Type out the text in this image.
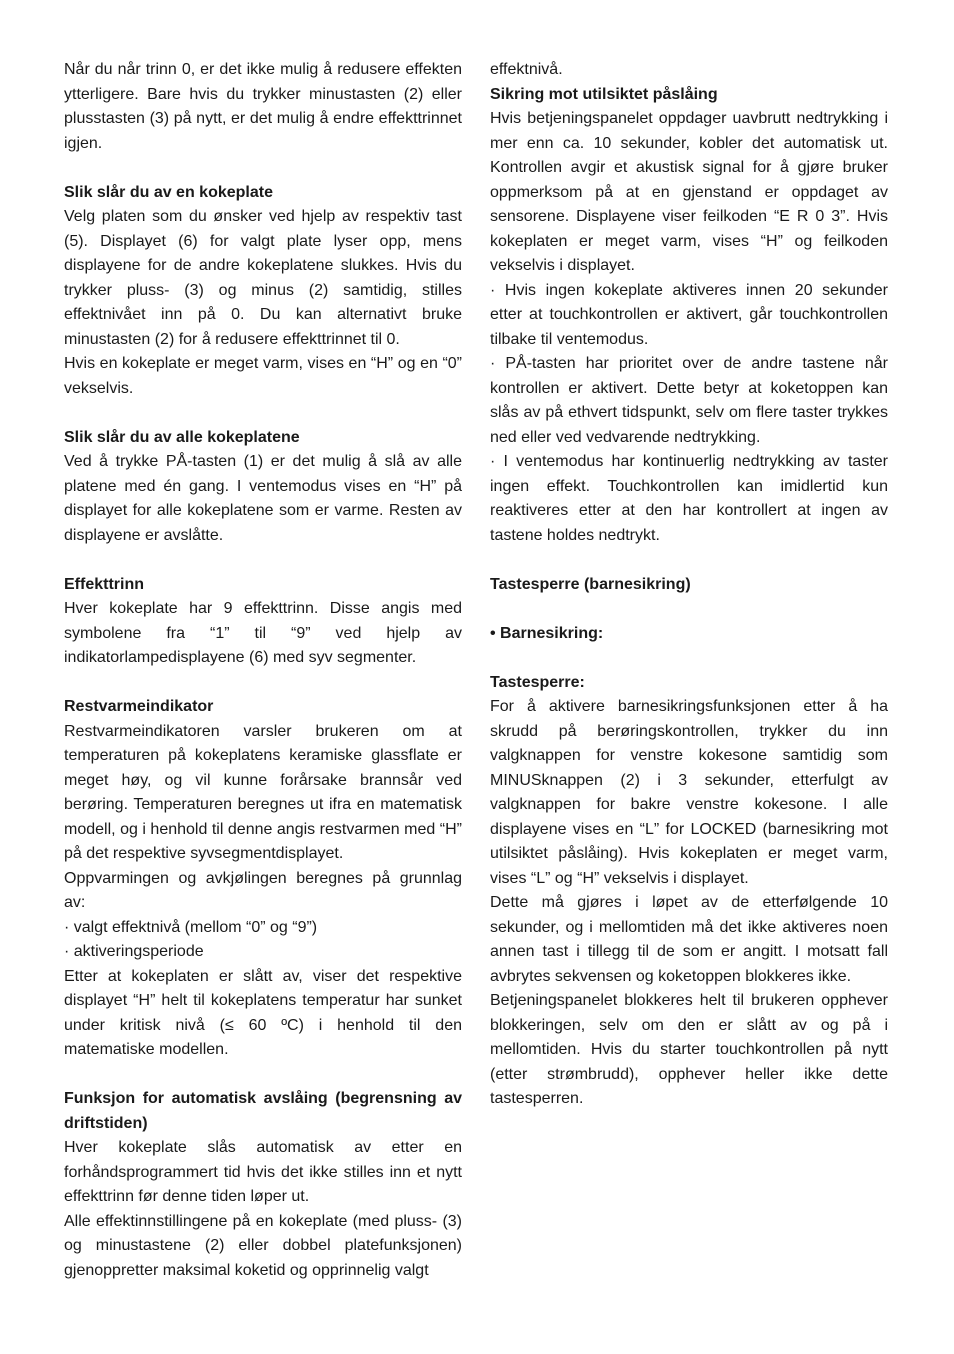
Når du når trinn 0, er det ikke mulig å redusere effekten ytterligere. Bare hvis du trykker minustasten (2) eller plusstasten (3) på nytt, er det mulig å endre effekttrinnet igjen.

Slik slår du av en kokeplate

Velg platen som du ønsker ved hjelp av respektiv tast (5). Displayet (6) for valgt plate lyser opp, mens displayene for de andre kokeplatene slukkes. Hvis du trykker pluss- (3) og minus (2) samtidig, stilles effektnivået inn på 0. Du kan alternativt bruke minustasten (2) for å redusere effekttrinnet til 0.

Hvis en kokeplate er meget varm, vises en “H” og en “0” vekselvis.

Slik slår du av alle kokeplatene

Ved å trykke PÅ-tasten (1) er det mulig å slå av alle platene med én gang. I ventemodus vises en “H” på displayet for alle kokeplatene som er varme. Resten av displayene er avslåtte.

Effekttrinn

Hver kokeplate har 9 effekttrinn. Disse angis med symbolene fra “1” til “9” ved hjelp av indikatorlampedisplayene (6) med syv segmenter.

Restvarmeindikator

Restvarmeindikatoren varsler brukeren om at temperaturen på kokeplatens keramiske glassflate er meget høy, og vil kunne forårsake brannsår ved berøring. Temperaturen beregnes ut ifra en matematisk modell, og i henhold til denne angis restvarmen med “H” på det respektive syvsegmentdisplayet.

Oppvarmingen og avkjølingen beregnes på grunnlag av:

· valgt effektnivå (mellom “0” og “9”)

· aktiveringsperiode

Etter at kokeplaten er slått av, viser det respektive displayet “H” helt til kokeplatens temperatur har sunket under kritisk nivå (≤ 60 ºC) i henhold til den matematiske modellen.

Funksjon for automatisk avslåing (begrensning av driftstiden)

Hver kokeplate slås automatisk av etter en forhåndsprogrammert tid hvis det ikke stilles inn et nytt effekttrinn før denne tiden løper ut.

Alle effektinnstillingene på en kokeplate (med pluss- (3) og minustastene (2) eller dobbel platefunksjonen) gjenoppretter maksimal koketid og opprinnelig valgt

effektnivå.

Sikring mot utilsiktet påslåing

Hvis betjeningspanelet oppdager uavbrutt nedtrykking i mer enn ca. 10 sekunder, kobler det automatisk ut. Kontrollen avgir et akustisk signal for å gjøre bruker oppmerksom på at en gjenstand er oppdaget av sensorene. Displayene viser feilkoden “E R 0 3”. Hvis kokeplaten er meget varm, vises “H” og feilkoden vekselvis i displayet.

· Hvis ingen kokeplate aktiveres innen 20 sekunder etter at touchkontrollen er aktivert, går touchkontrollen tilbake til ventemodus.

· PÅ-tasten har prioritet over de andre tastene når kontrollen er aktivert. Dette betyr at koketoppen kan slås av på ethvert tidspunkt, selv om flere taster trykkes ned eller ved vedvarende nedtrykking.

· I ventemodus har kontinuerlig nedtrykking av taster ingen effekt. Touchkontrollen kan imidlertid kun reaktiveres etter at den har kontrollert at ingen av tastene holdes nedtrykt.

Tastesperre (barnesikring)
• Barnesikring:
Tastesperre:

For å aktivere barnesikringsfunksjonen etter å ha skrudd på berøringskontrollen, trykker du inn valgknappen for venstre kokesone samtidig som MINUSknappen (2) i 3 sekunder, etterfulgt av valgknappen for bakre venstre kokesone. I alle displayene vises en “L” for LOCKED (barnesikring mot utilsiktet påslåing). Hvis kokeplaten er meget varm, vises “L” og “H” vekselvis i displayet.

Dette må gjøres i løpet av de etterfølgende 10 sekunder, og i mellomtiden må det ikke aktiveres noen annen tast i tillegg til de som er angitt. I motsatt fall avbrytes sekvensen og koketoppen blokkeres ikke.

Betjeningspanelet blokkeres helt til brukeren opphever blokkeringen, selv om den er slått av og på i mellomtiden. Hvis du starter touchkontrollen på nytt (etter strømbrudd), opphever heller ikke dette tastesperren.
